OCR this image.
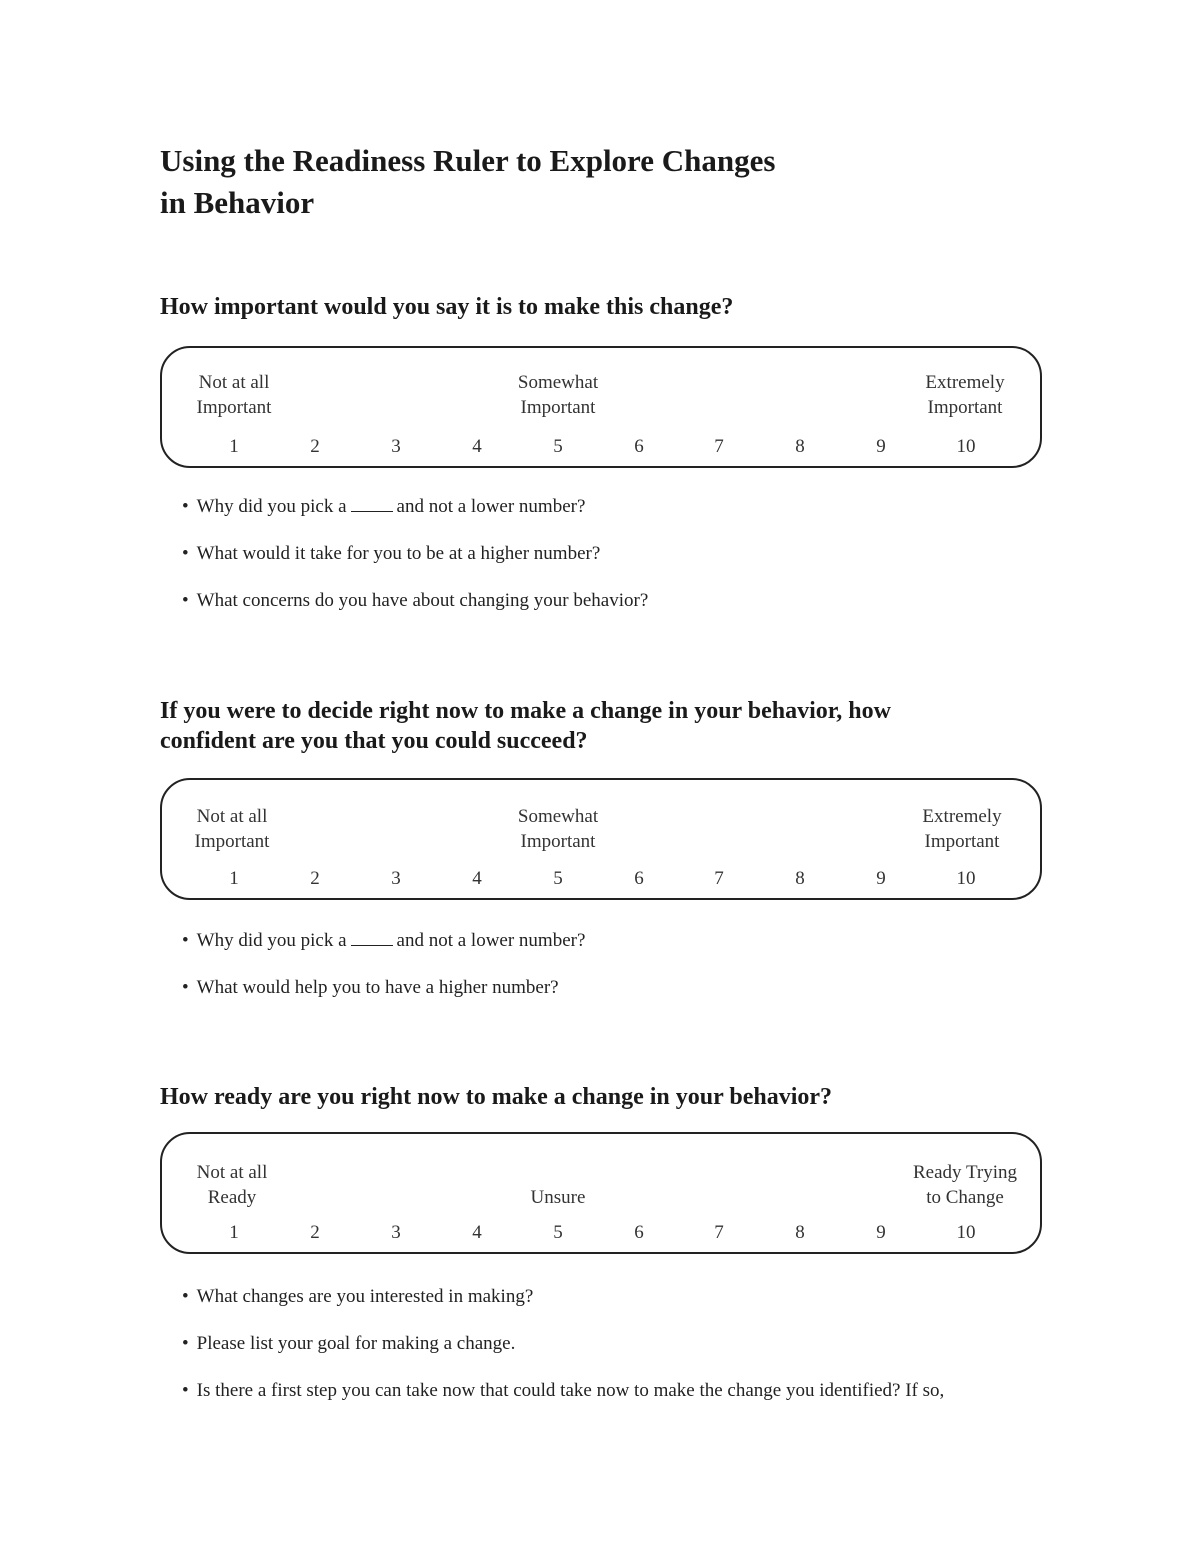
Using the Readiness Ruler to Explore Changes
in Behavior
How important would you say it is to make this change?
Not at all
Important
Somewhat
Important
Extremely
Important
1	2	3	4	5	6	7	8	9	10
• Why did you pick a	and not a lower number?
• What would it take for you to be at a higher number?
• What concerns do you have about changing your behavior?
If you were to decide right now to make a change in your behavior, how
confident are you that you could succeed?
Not at all
Important
Somewhat
Important
Extremely
Important
1	2	3	4	5	6	7	8	9	10
• Why did you pick a	and not a lower number?
• What would help you to have a higher number?
How ready are you right now to make a change in your behavior?
Not at all
Ready	Unsure
Ready Trying
to Change
1	2	3	4	5	6	7	8	9	10
• What changes are you interested in making?
• Please list your goal for making a change.
• Is there a first step you can take now that could take now to make the change you identified? If so,
